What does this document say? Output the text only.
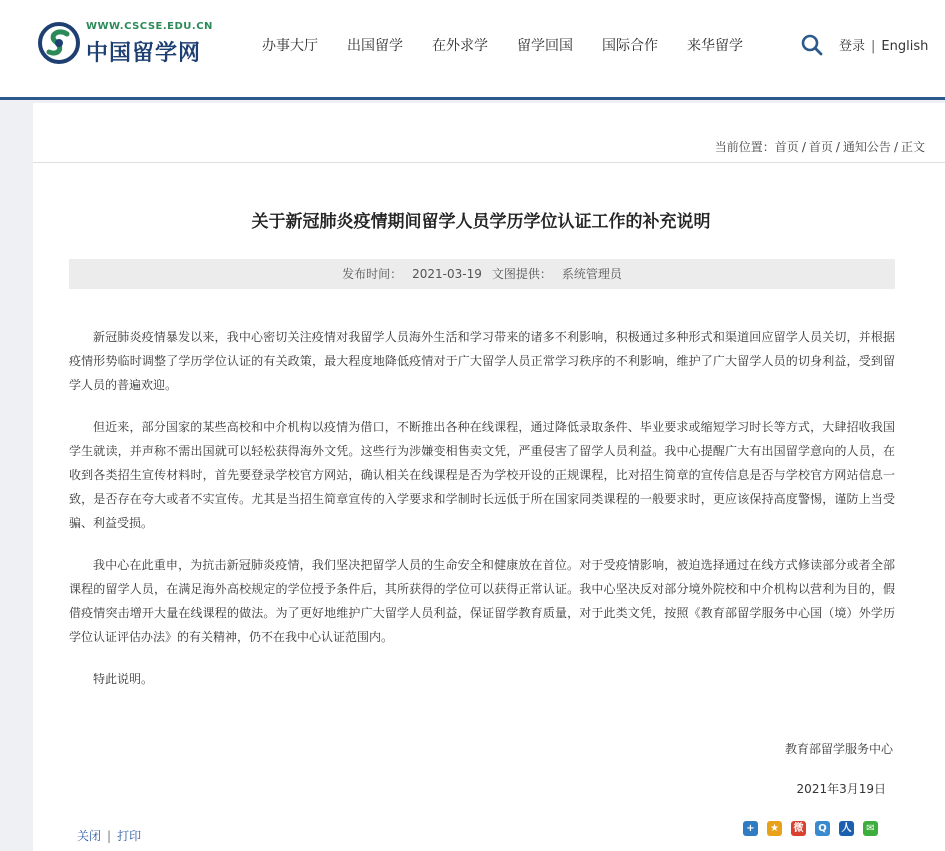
WWW.CSCSE.EDU.CN
中国留学网	办事大厅 出国留学 在外求学 留学回国 国际合作 来华留学	登录 | English
当前位置：首页 / 首页 / 通知公告 / 正文
关于新冠肺炎疫情期间留学人员学历学位认证工作的补充说明
发布时间： 2021-03-19 文图提供： 系统管理员

新冠肺炎疫情暴发以来，我中心密切关注疫情对我留学人员海外生活和学习带来的诸多不利影响，积极通过多种形式和渠道回应留学人员关切，并根据疫情形势临时调整了学历学位认证的有关政策，最大程度地降低疫情对于广大留学人员正常学习秩序的不利影响，维护了广大留学人员的切身利益，受到留学人员的普遍欢迎。

但近来，部分国家的某些高校和中介机构以疫情为借口，不断推出各种在线课程，通过降低录取条件、毕业要求或缩短学习时长等方式，大肆招收我国学生就读，并声称不需出国就可以轻松获得海外文凭。这些行为涉嫌变相售卖文凭，严重侵害了留学人员利益。我中心提醒广大有出国留学意向的人员，在收到各类招生宣传材料时，首先要登录学校官方网站，确认相关在线课程是否为学校开设的正规课程，比对招生简章的宣传信息是否与学校官方网站信息一致，是否存在夸大或者不实宣传。尤其是当招生简章宣传的入学要求和学制时长远低于所在国家同类课程的一般要求时，更应该保持高度警惕，谨防上当受骗、利益受损。

我中心在此重申，为抗击新冠肺炎疫情，我们坚决把留学人员的生命安全和健康放在首位。对于受疫情影响，被迫选择通过在线方式修读部分或者全部课程的留学人员，在满足海外高校规定的学位授予条件后，其所获得的学位可以获得正常认证。我中心坚决反对部分境外院校和中介机构以营利为目的，假借疫情突击增开大量在线课程的做法。为了更好地维护广大留学人员利益，保证留学教育质量，对于此类文凭，按照《教育部留学服务中心国（境）外学历学位认证评估办法》的有关精神，仍不在我中心认证范围内。

特此说明。

教育部留学服务中心
2021年3月19日
关闭 | 打印
+	★	微	Q	人	✉
